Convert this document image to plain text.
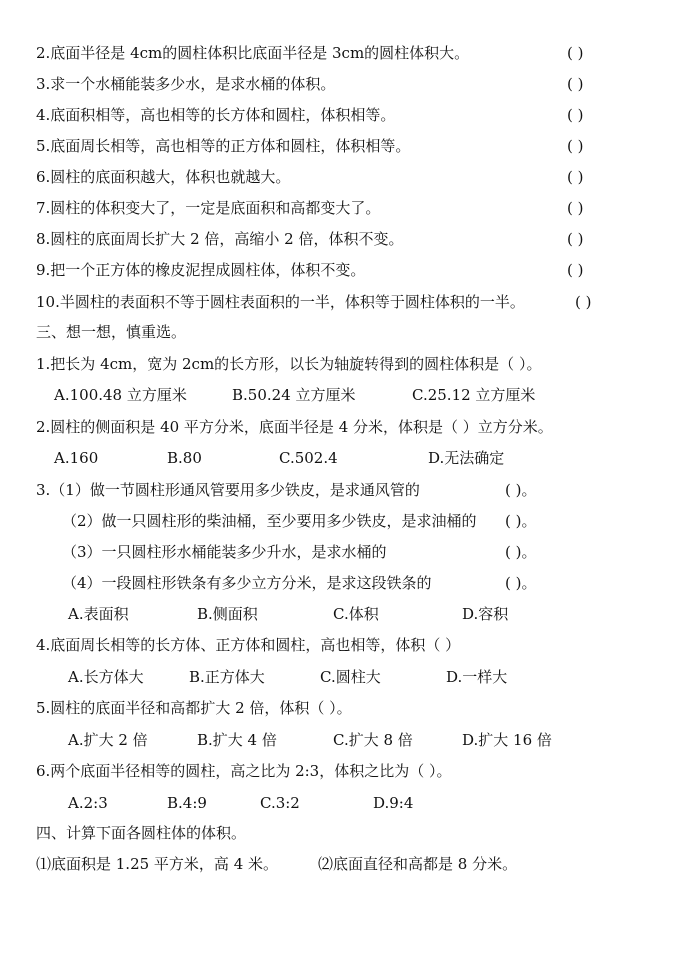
2.底面半径是 4cm的圆柱体积比底面半径是 3cm的圆柱体积大。	( )
3.求一个水桶能装多少水，是求水桶的体积。	( )
4.底面积相等，高也相等的长方体和圆柱，体积相等。	( )
5.底面周长相等，高也相等的正方体和圆柱，体积相等。	( )
6.圆柱的底面积越大，体积也就越大。	( )
7.圆柱的体积变大了，一定是底面积和高都变大了。	( )
8.圆柱的底面周长扩大 2 倍，高缩小 2 倍，体积不变。	( )
9.把一个正方体的橡皮泥捏成圆柱体，体积不变。	( )
10.半圆柱的表面积不等于圆柱表面积的一半，体积等于圆柱体积的一半。	( )
三、想一想，慎重选。
1.把长为 4cm，宽为 2cm的长方形，以长为轴旋转得到的圆柱体积是（ ）。
A.100.48 立方厘米	B.50.24 立方厘米	C.25.12 立方厘米
2.圆柱的侧面积是 40 平方分米，底面半径是 4 分米，体积是（ ）立方分米。
A.160	B.80	C.502.4	D.无法确定
3.（1）做一节圆柱形通风管要用多少铁皮，是求通风管的	( )。
（2）做一只圆柱形的柴油桶，至少要用多少铁皮，是求油桶的 ( )。
（3）一只圆柱形水桶能装多少升水，是求水桶的	( )。
（4）一段圆柱形铁条有多少立方分米，是求这段铁条的	( )。
A.表面积	B.侧面积	C.体积	D.容积
4.底面周长相等的长方体、正方体和圆柱，高也相等，体积（ ）
A.长方体大	B.正方体大	C.圆柱大	D.一样大
5.圆柱的底面半径和高都扩大 2 倍，体积（ ）。
A.扩大 2 倍	B.扩大 4 倍	C.扩大 8 倍	D.扩大 16 倍
6.两个底面半径相等的圆柱，高之比为 2:3，体积之比为（ ）。
A.2:3	B.4:9	C.3:2	D.9:4
四、计算下面各圆柱体的体积。
⑴底面积是 1.25 平方米，高 4 米。	⑵底面直径和高都是 8 分米。
